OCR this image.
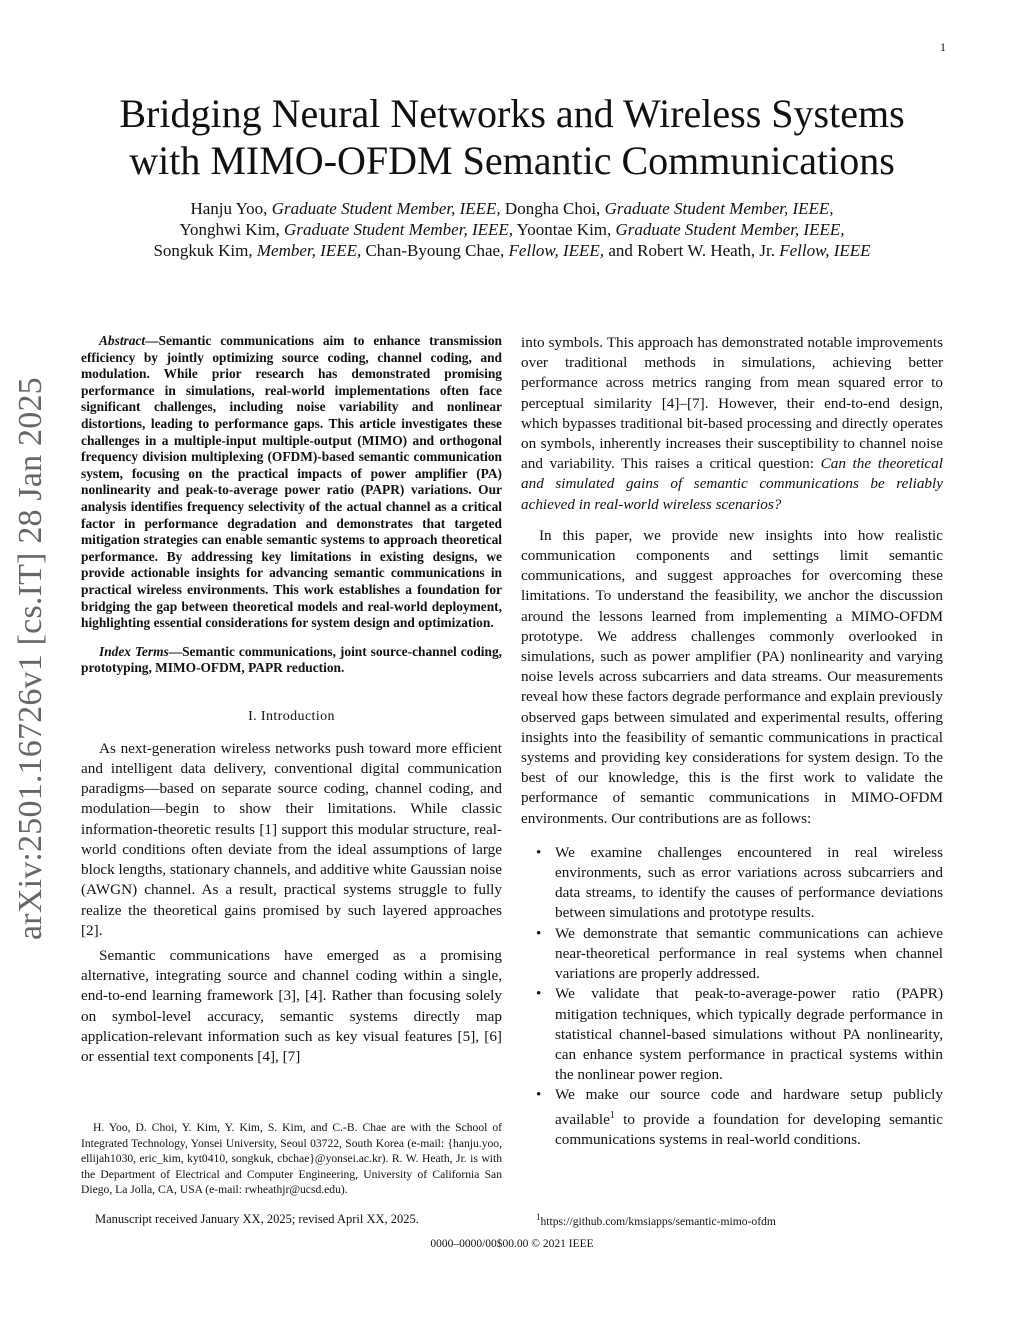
1
arXiv:2501.16726v1 [cs.IT] 28 Jan 2025
Bridging Neural Networks and Wireless Systems
with MIMO-OFDM Semantic Communications
Hanju Yoo, Graduate Student Member, IEEE, Dongha Choi, Graduate Student Member, IEEE,
Yonghwi Kim, Graduate Student Member, IEEE, Yoontae Kim, Graduate Student Member, IEEE,
Songkuk Kim, Member, IEEE, Chan-Byoung Chae, Fellow, IEEE, and Robert W. Heath, Jr. Fellow, IEEE

Abstract—Semantic communications aim to enhance transmission efficiency by jointly optimizing source coding, channel coding, and modulation. While prior research has demonstrated promising performance in simulations, real-world implementations often face significant challenges, including noise variability and nonlinear distortions, leading to performance gaps. This article investigates these challenges in a multiple-input multiple-output (MIMO) and orthogonal frequency division multiplexing (OFDM)-based semantic communication system, focusing on the practical impacts of power amplifier (PA) nonlinearity and peak-to-average power ratio (PAPR) variations. Our analysis identifies frequency selectivity of the actual channel as a critical factor in performance degradation and demonstrates that targeted mitigation strategies can enable semantic systems to approach theoretical performance. By addressing key limitations in existing designs, we provide actionable insights for advancing semantic communications in practical wireless environments. This work establishes a foundation for bridging the gap between theoretical models and real-world deployment, highlighting essential considerations for system design and optimization.

Index Terms—Semantic communications, joint source-channel coding, prototyping, MIMO-OFDM, PAPR reduction.

I. Introduction

As next-generation wireless networks push toward more efficient and intelligent data delivery, conventional digital communication paradigms—based on separate source coding, channel coding, and modulation—begin to show their limitations. While classic information-theoretic results [1] support this modular structure, real-world conditions often deviate from the ideal assumptions of large block lengths, stationary channels, and additive white Gaussian noise (AWGN) channel. As a result, practical systems struggle to fully realize the theoretical gains promised by such layered approaches [2].

Semantic communications have emerged as a promising alternative, integrating source and channel coding within a single, end-to-end learning framework [3], [4]. Rather than focusing solely on symbol-level accuracy, semantic systems directly map application-relevant information such as key visual features [5], [6] or essential text components [4], [7]

into symbols. This approach has demonstrated notable improvements over traditional methods in simulations, achieving better performance across metrics ranging from mean squared error to perceptual similarity [4]–[7]. However, their end-to-end design, which bypasses traditional bit-based processing and directly operates on symbols, inherently increases their susceptibility to channel noise and variability. This raises a critical question: Can the theoretical and simulated gains of semantic communications be reliably achieved in real-world wireless scenarios?

In this paper, we provide new insights into how realistic communication components and settings limit semantic communications, and suggest approaches for overcoming these limitations. To understand the feasibility, we anchor the discussion around the lessons learned from implementing a MIMO-OFDM prototype. We address challenges commonly overlooked in simulations, such as power amplifier (PA) nonlinearity and varying noise levels across subcarriers and data streams. Our measurements reveal how these factors degrade performance and explain previously observed gaps between simulated and experimental results, offering insights into the feasibility of semantic communications in practical systems and providing key considerations for system design. To the best of our knowledge, this is the first work to validate the performance of semantic communications in MIMO-OFDM environments. Our contributions are as follows:

• We examine challenges encountered in real wireless environments, such as error variations across subcarriers and data streams, to identify the causes of performance deviations between simulations and prototype results.
• We demonstrate that semantic communications can achieve near-theoretical performance in real systems when channel variations are properly addressed.
• We validate that peak-to-average-power ratio (PAPR) mitigation techniques, which typically degrade performance in statistical channel-based simulations without PA nonlinearity, can enhance system performance in practical systems within the nonlinear power region.
• We make our source code and hardware setup publicly available$^1$ to provide a foundation for developing semantic communications systems in real-world conditions.

H. Yoo, D. Choi, Y. Kim, Y. Kim, S. Kim, and C.-B. Chae are with the School of Integrated Technology, Yonsei University, Seoul 03722, South Korea (e-mail: {hanju.yoo, ellijah1030, eric_kim, kyt0410, songkuk, cbchae}@yonsei.ac.kr). R. W. Heath, Jr. is with the Department of Electrical and Computer Engineering, University of California San Diego, La Jolla, CA, USA (e-mail: rwheathjr@ucsd.edu).

Manuscript received January XX, 2025; revised April XX, 2025.	$^1$https://github.com/kmsiapps/semantic-mimo-ofdm
0000–0000/00$00.00 © 2021 IEEE
